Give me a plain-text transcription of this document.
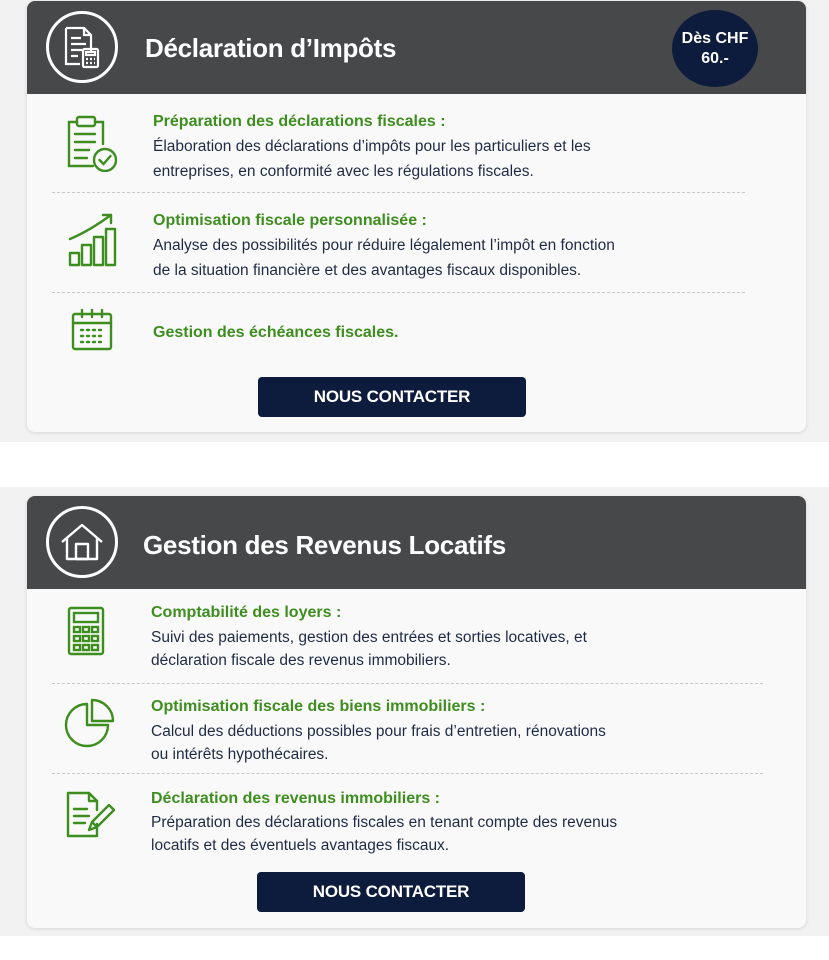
Déclaration d’Impôts	Dès CHF
60.-
Préparation des déclarations fiscales :
Élaboration des déclarations d’impôts pour les particuliers et les
entreprises, en conformité avec les régulations fiscales.
Optimisation fiscale personnalisée :
Analyse des possibilités pour réduire légalement l’impôt en fonction
de la situation financière et des avantages fiscaux disponibles.
Gestion des échéances fiscales.
NOUS CONTACTER
Gestion des Revenus Locatifs
Comptabilité des loyers :
Suivi des paiements, gestion des entrées et sorties locatives, et
déclaration fiscale des revenus immobiliers.
Optimisation fiscale des biens immobiliers :
Calcul des déductions possibles pour frais d’entretien, rénovations
ou intérêts hypothécaires.
Déclaration des revenus immobiliers :
Préparation des déclarations fiscales en tenant compte des revenus
locatifs et des éventuels avantages fiscaux.
NOUS CONTACTER
